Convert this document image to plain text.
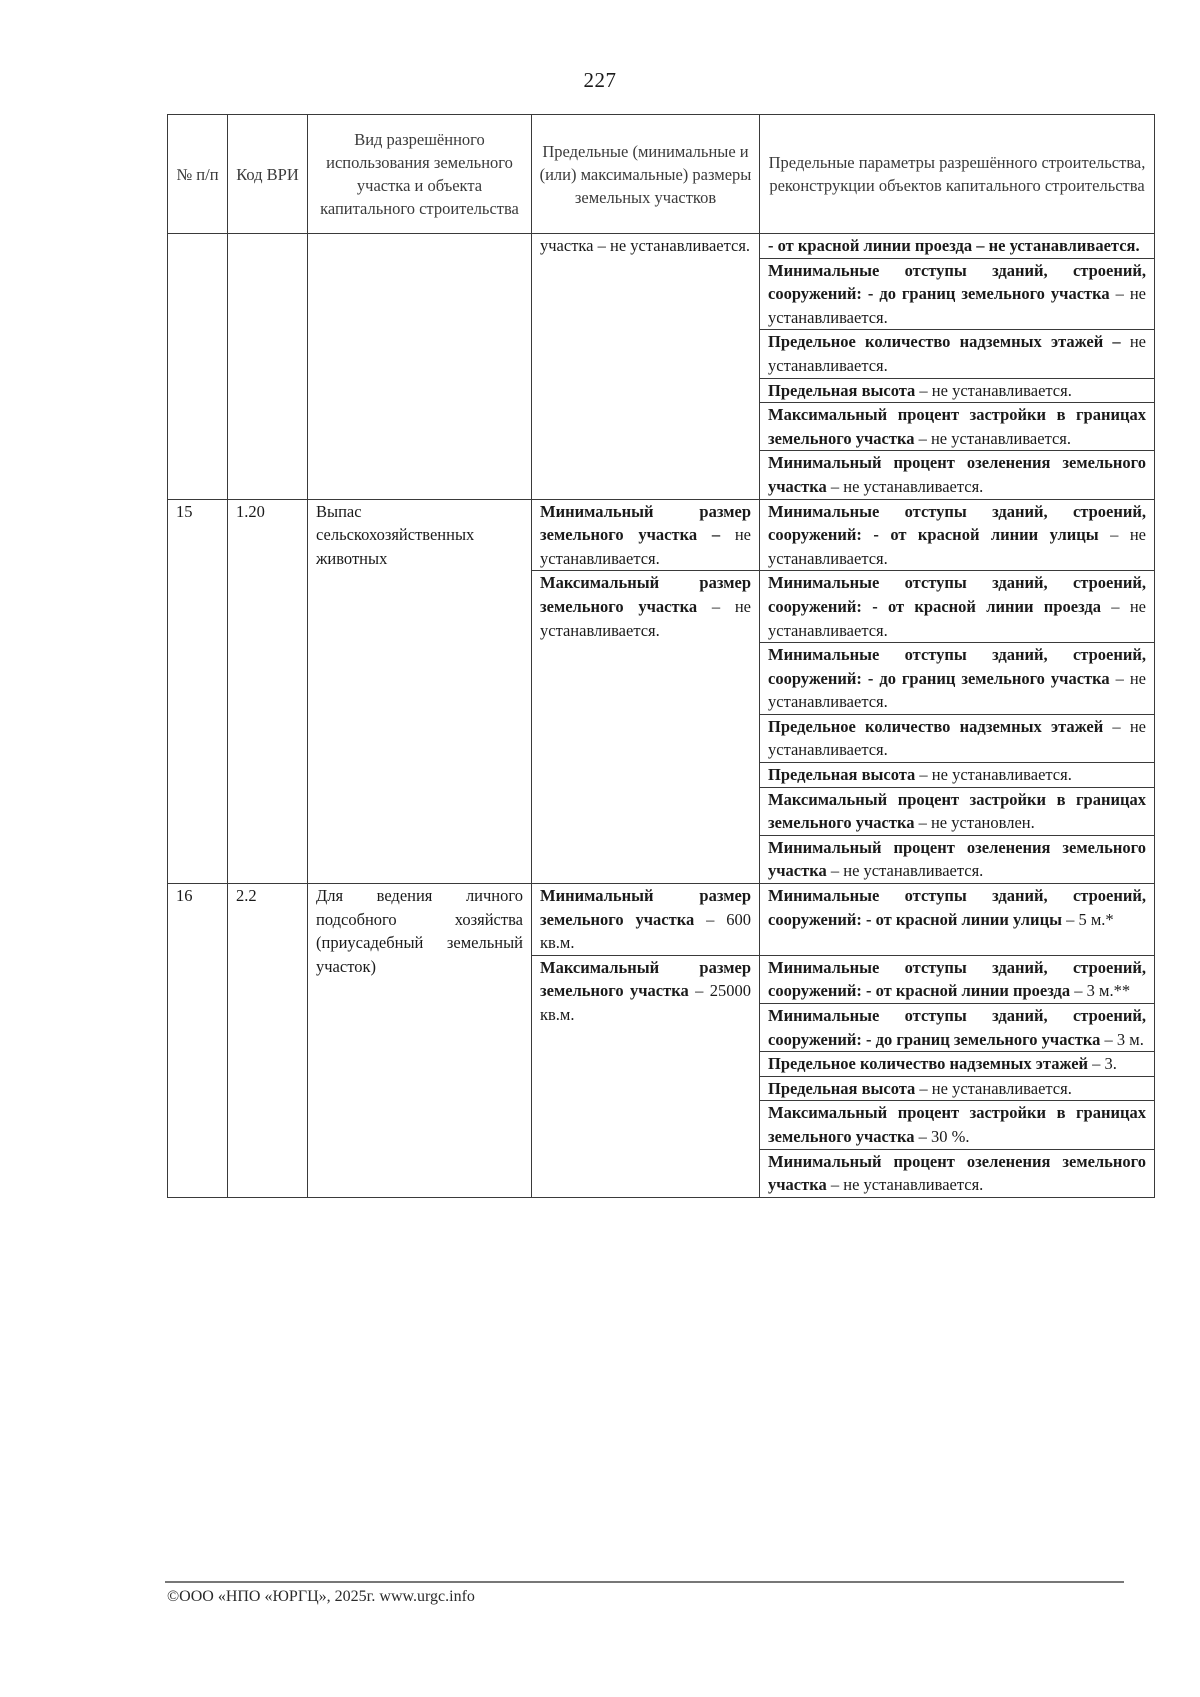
227
№ п/п	Код ВРИ	Вид разрешённого использования земельного участка и объекта капитального строительства	Предельные (минимальные и (или) максимальные) размеры земельных участков	Предельные параметры разрешённого строительства, реконструкции объектов капитального строительства

			участка – не устанавливается.	- от красной линии проезда – не устанавливается.

				Минимальные отступы зданий, строений, сооружений: - до границ земельного участка – не устанавливается.

				Предельное количество надземных этажей – не устанавливается.

				Предельная высота – не устанавливается.

				Максимальный процент застройки в границах земельного участка – не устанавливается.

				Минимальный процент озеленения земельного участка – не устанавливается.

15	1.20	Выпас сельскохозяйственных животных	Минимальный размер земельного участка – не устанавливается.	Минимальные отступы зданий, строений, сооружений: - от красной линии улицы – не устанавливается.

			Максимальный размер земельного участка – не устанавливается.	Минимальные отступы зданий, строений, сооружений: - от красной линии проезда – не устанавливается.

				Минимальные отступы зданий, строений, сооружений: - до границ земельного участка – не устанавливается.

				Предельное количество надземных этажей – не устанавливается.

				Предельная высота – не устанавливается.

				Максимальный процент застройки в границах земельного участка – не установлен.

				Минимальный процент озеленения земельного участка – не устанавливается.

16	2.2	Для ведения личного подсобного хозяйства (приусадебный земельный участок)	Минимальный размер земельного участка – 600 кв.м.	Минимальные отступы зданий, строений, сооружений: - от красной линии улицы – 5 м.*

			Максимальный размер земельного участка – 25000 кв.м.	Минимальные отступы зданий, строений, сооружений: - от красной линии проезда – 3 м.**

				Минимальные отступы зданий, строений, сооружений: - до границ земельного участка – 3 м.

				Предельное количество надземных этажей – 3.

				Предельная высота – не устанавливается.

				Максимальный процент застройки в границах земельного участка – 30 %.

				Минимальный процент озеленения земельного участка – не устанавливается.
©ООО «НПО «ЮРГЦ», 2025г. www.urgc.info
